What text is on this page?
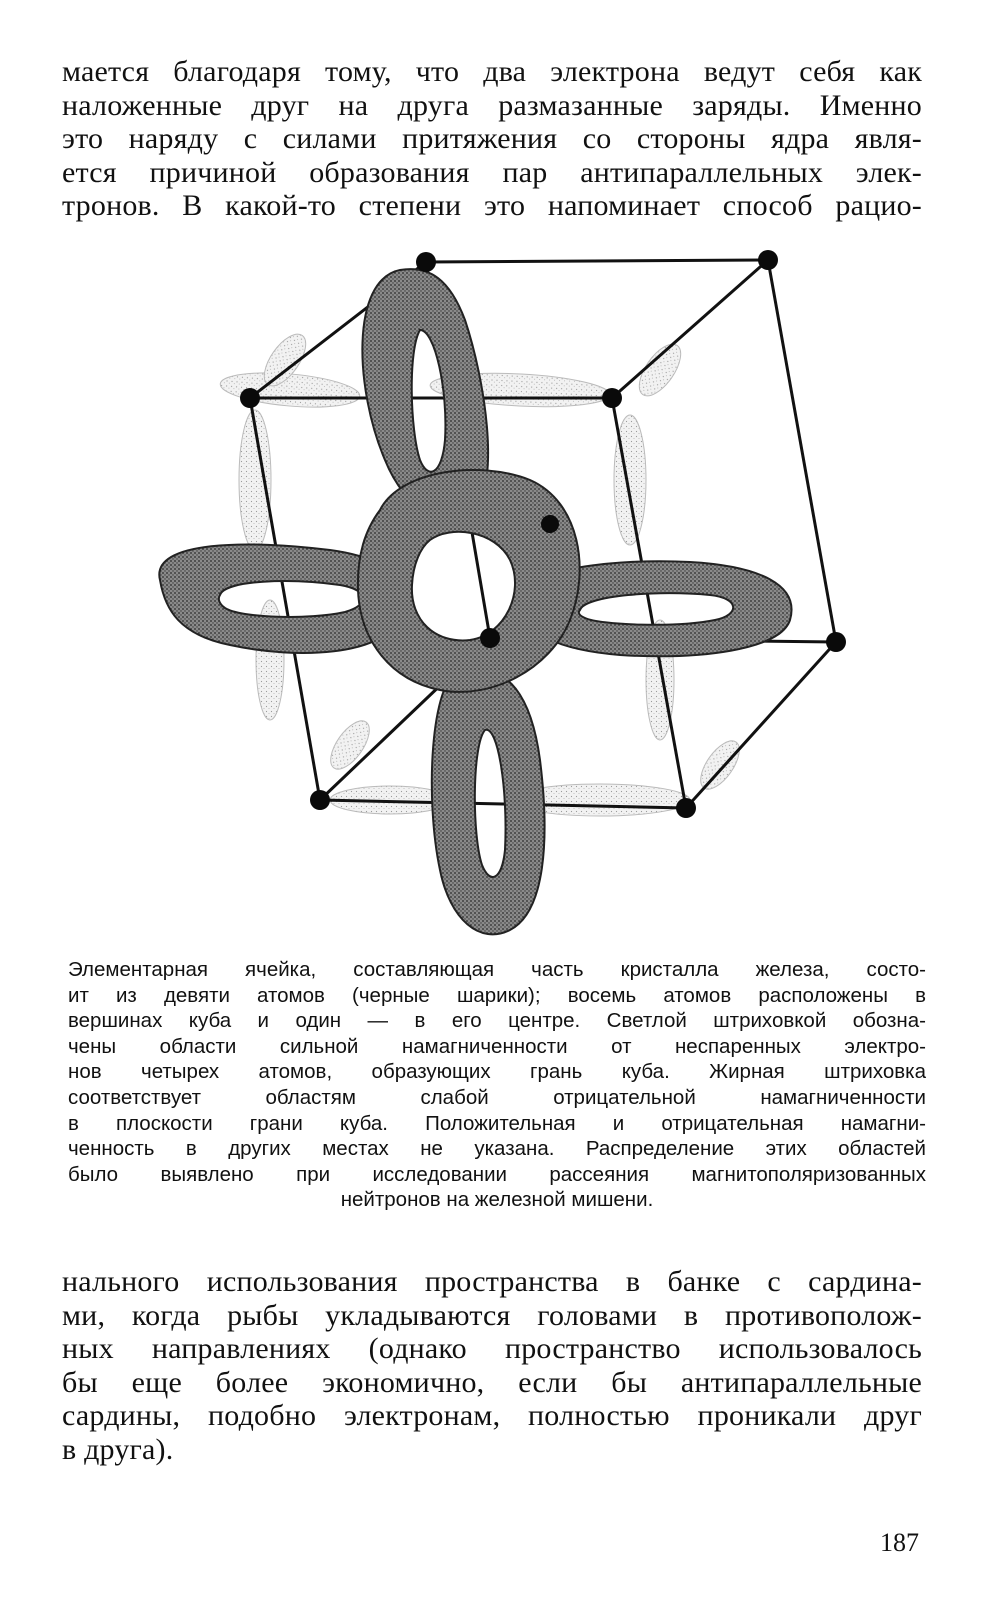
мается благодаря тому, что два электрона ведут себя как
наложенные друг на друга размазанные заряды. Именно
это наряду с силами притяжения со стороны ядра явля-
ется причиной образования пар антипараллельных элек-
тронов. В какой-то степени это напоминает способ рацио-

Элементарная ячейка, составляющая часть кристалла железа, состо-
ит из девяти атомов (черные шарики); восемь атомов расположены в
вершинах куба и один — в его центре. Светлой штриховкой обозна-
чены области сильной намагниченности от неспаренных электро-
нов четырех атомов, образующих грань куба. Жирная штриховка
соответствует областям слабой отрицательной намагниченности
в плоскости грани куба. Положительная и отрицательная намагни-
ченность в других местах не указана. Распределение этих областей
было выявлено при исследовании рассеяния магнитополяризованных
нейтронов на железной мишени.

нального использования пространства в банке с сардина-
ми, когда рыбы укладываются головами в противополож-
ных направлениях (однако пространство использовалось
бы еще более экономично, если бы антипараллельные
сардины, подобно электронам, полностью проникали друг
в друга).

187
